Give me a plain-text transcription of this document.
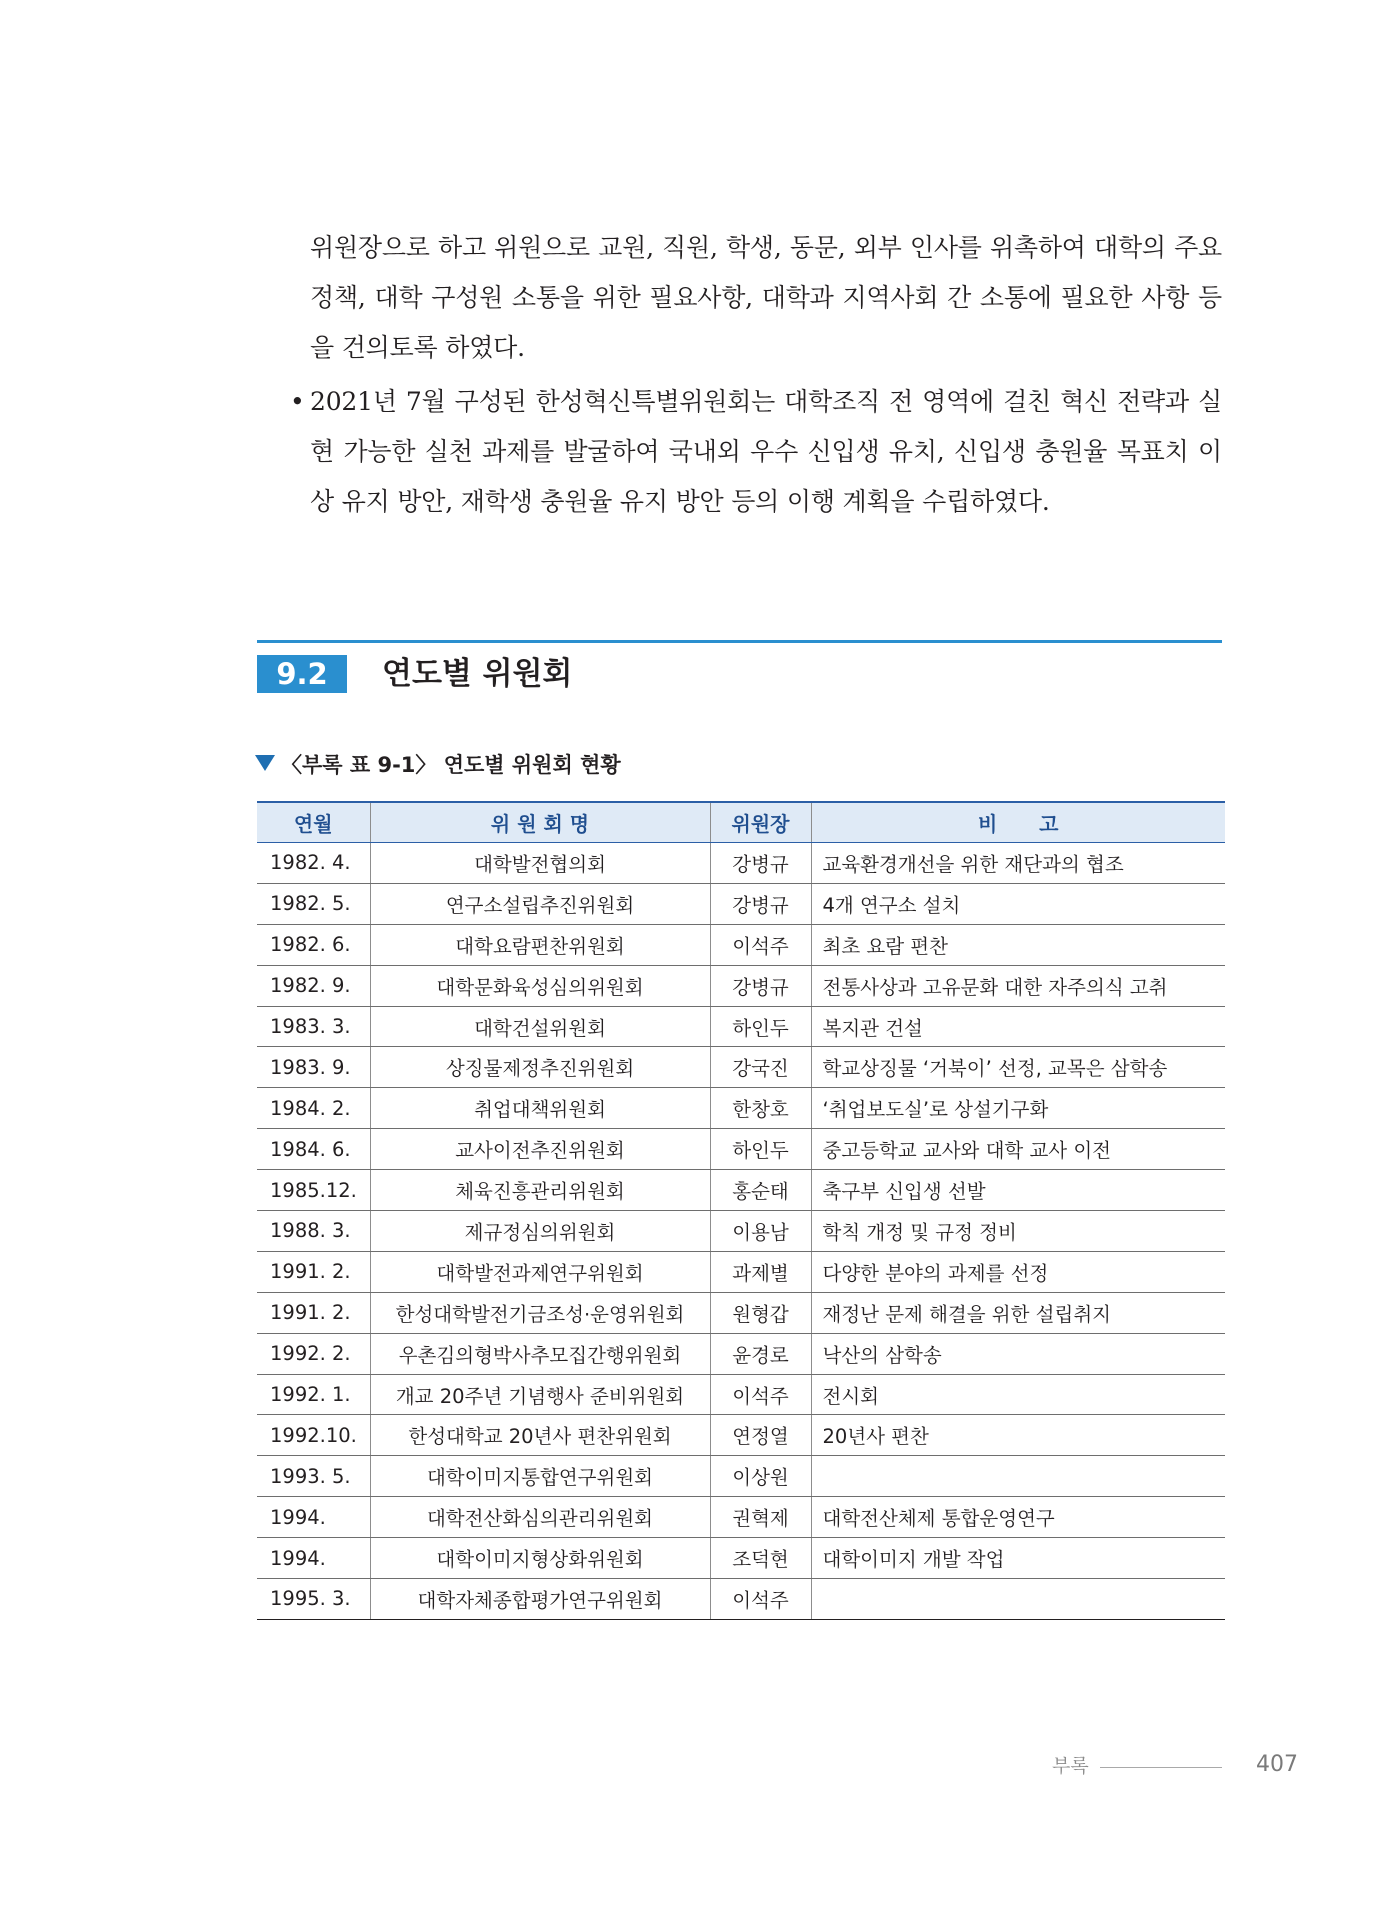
위원장으로 하고 위원으로 교원, 직원, 학생, 동문, 외부 인사를 위촉하여 대학의 주요 정책, 대학 구성원 소통을 위한 필요사항, 대학과 지역사회 간 소통에 필요한 사항 등을 건의토록 하였다.
• 2021년 7월 구성된 한성혁신특별위원회는 대학조직 전 영역에 걸친 혁신 전략과 실현 가능한 실천 과제를 발굴하여 국내외 우수 신입생 유치, 신입생 충원율 목표치 이상 유지 방안, 재학생 충원율 유지 방안 등의 이행 계획을 수립하였다.
9.2	연도별 위원회
〈부록 표 9-1〉 연도별 위원회 현황
연월	위 원 회 명	위원장	비      고
1982. 4.	대학발전협의회	강병규	교육환경개선을 위한 재단과의 협조
1982. 5.	연구소설립추진위원회	강병규	4개 연구소 설치
1982. 6.	대학요람편찬위원회	이석주	최초 요람 편찬
1982. 9.	대학문화육성심의위원회	강병규	전통사상과 고유문화 대한 자주의식 고취
1983. 3.	대학건설위원회	하인두	복지관 건설
1983. 9.	상징물제정추진위원회	강국진	학교상징물 ‘거북이’ 선정, 교목은 삼학송
1984. 2.	취업대책위원회	한창호	‘취업보도실’로 상설기구화
1984. 6.	교사이전추진위원회	하인두	중고등학교 교사와 대학 교사 이전
1985.12.	체육진흥관리위원회	홍순태	축구부 신입생 선발
1988. 3.	제규정심의위원회	이용남	학칙 개정 및 규정 정비
1991. 2.	대학발전과제연구위원회	과제별	다양한 분야의 과제를 선정
1991. 2.	한성대학발전기금조성·운영위원회	원형갑	재정난 문제 해결을 위한 설립취지
1992. 2.	우촌김의형박사추모집간행위원회	윤경로	낙산의 삼학송
1992. 1.	개교 20주년 기념행사 준비위원회	이석주	전시회
1992.10.	한성대학교 20년사 편찬위원회	연정열	20년사 편찬
1993. 5.	대학이미지통합연구위원회	이상원	
1994.	대학전산화심의관리위원회	권혁제	대학전산체제 통합운영연구
1994.	대학이미지형상화위원회	조덕현	대학이미지 개발 작업
1995. 3.	대학자체종합평가연구위원회	이석주	
부록	407
